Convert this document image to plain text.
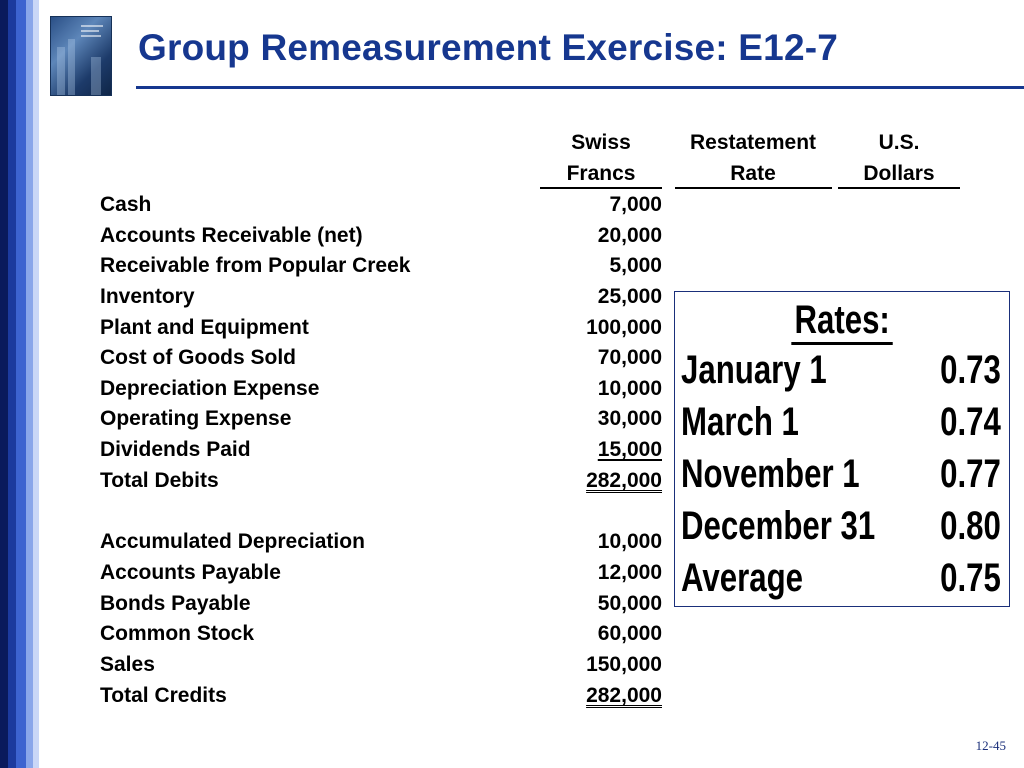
Group Remeasurement Exercise: E12-7
Swiss
Francs
Restatement
Rate
U.S.
Dollars
Cash	7,000
Accounts Receivable (net)	20,000
Receivable from Popular Creek	5,000
Inventory	25,000
Plant and Equipment	100,000
Cost of Goods Sold	70,000
Depreciation Expense	10,000
Operating Expense	30,000
Dividends Paid	15,000
Total Debits	282,000
Accumulated Depreciation	10,000
Accounts Payable	12,000
Bonds Payable	50,000
Common Stock	60,000
Sales	150,000
Total Credits	282,000
Rates:
January 1	0.73
March 1	0.74
November 1 0.77
December 31 0.80
Average	0.75
12-45
